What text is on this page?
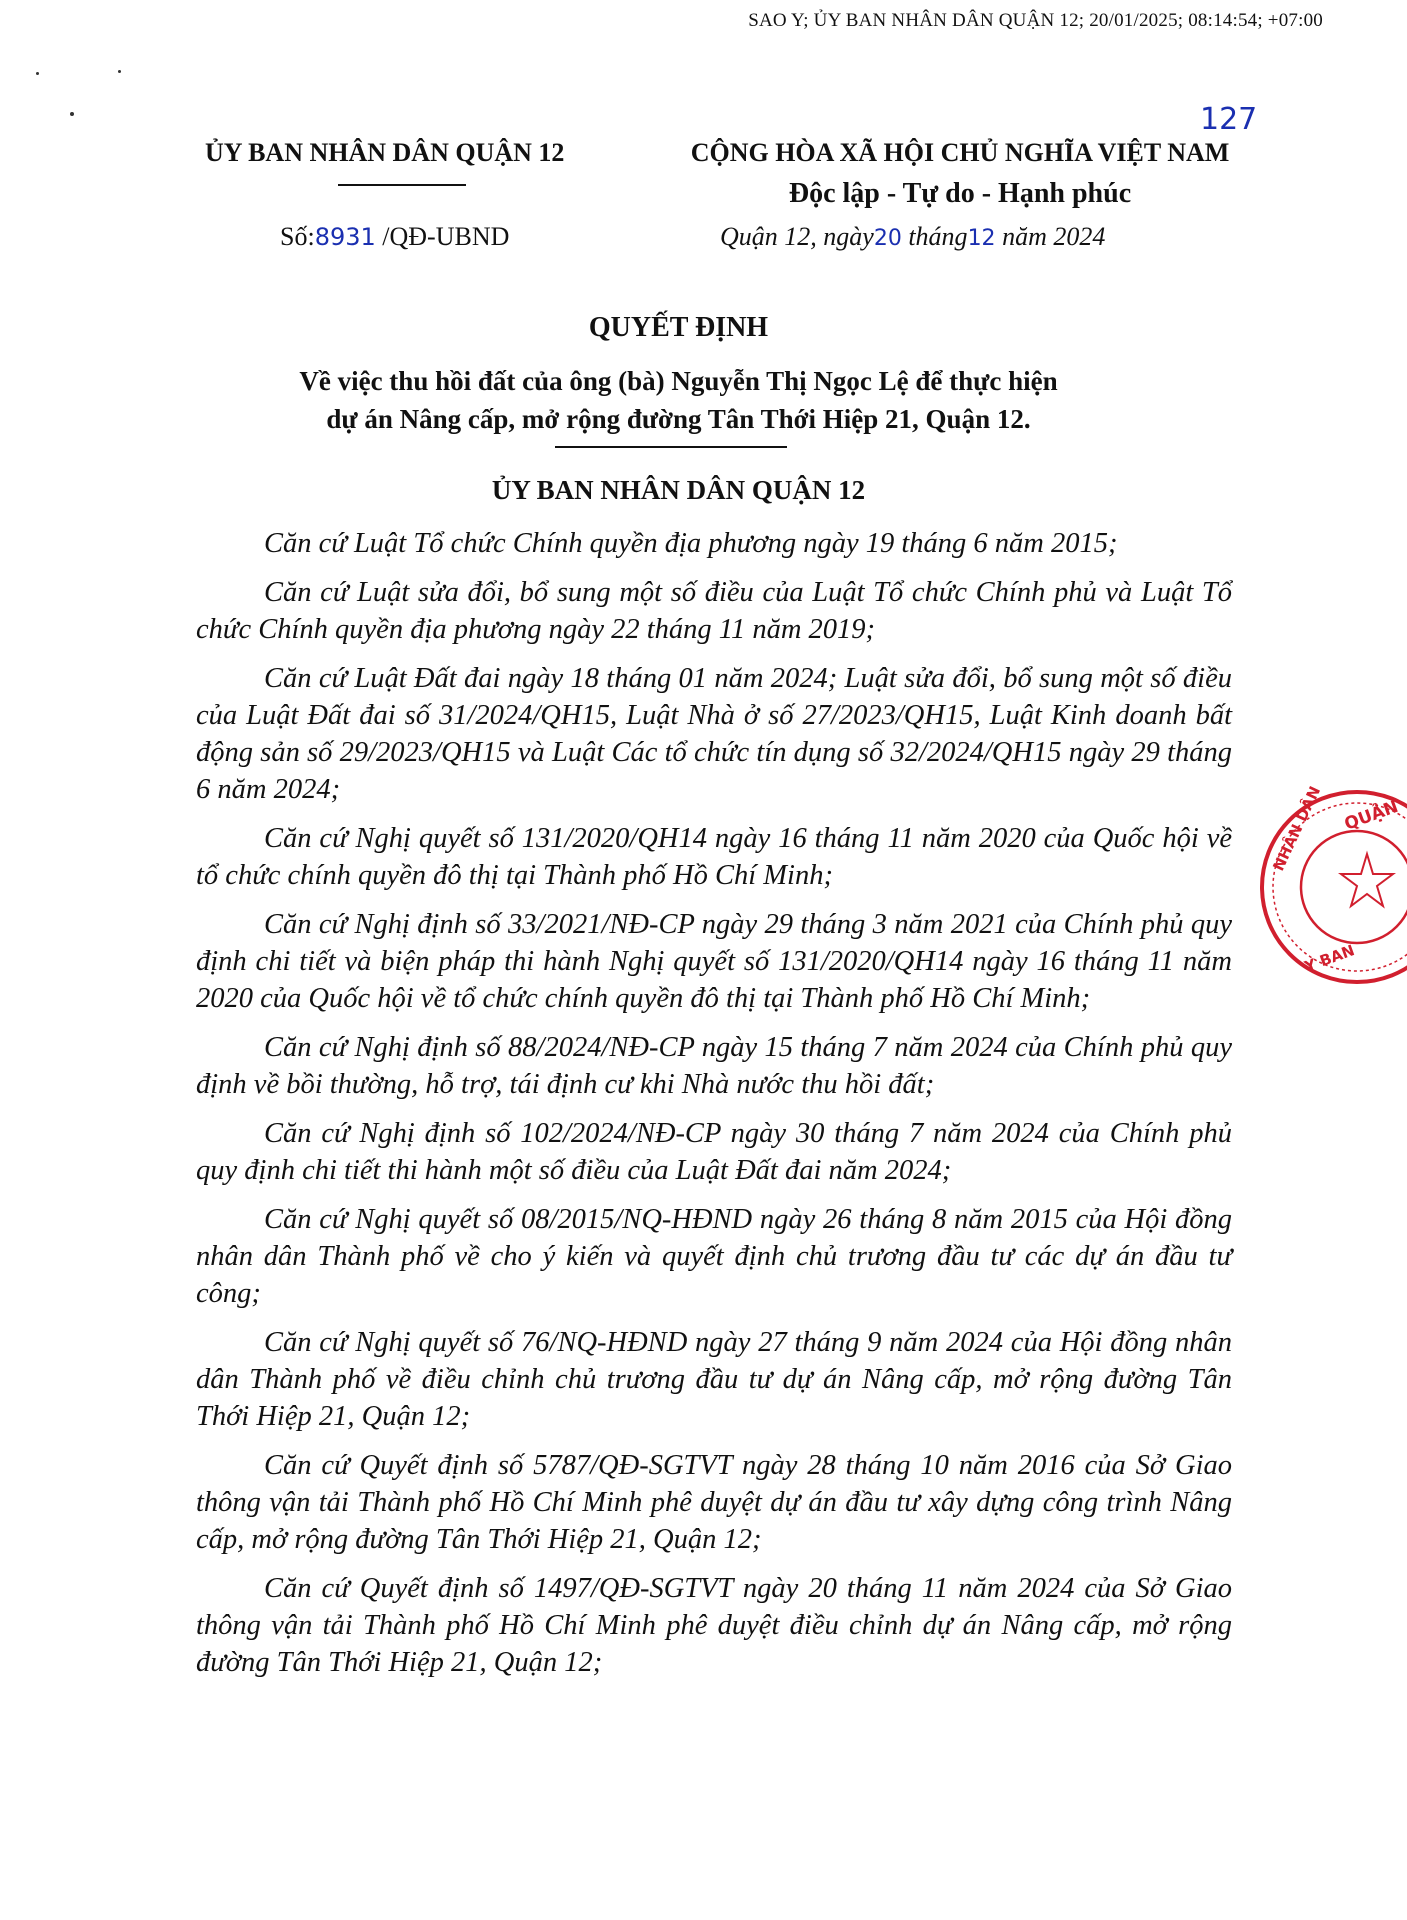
SAO Y; ỦY BAN NHÂN DÂN QUẬN 12; 20/01/2025; 08:14:54; +07:00
127
ỦY BAN NHÂN DÂN QUẬN 12	CỘNG HÒA XÃ HỘI CHỦ NGHĨA VIỆT NAM
Độc lập - Tự do - Hạnh phúc
Số:8931 /QĐ-UBND	Quận 12, ngày20 tháng12 năm 2024
QUYẾT ĐỊNH
Về việc thu hồi đất của ông (bà) Nguyễn Thị Ngọc Lệ để thực hiện
dự án Nâng cấp, mở rộng đường Tân Thới Hiệp 21, Quận 12.
ỦY BAN NHÂN DÂN QUẬN 12

Căn cứ Luật Tổ chức Chính quyền địa phương ngày 19 tháng 6 năm 2015;

Căn cứ Luật sửa đổi, bổ sung một số điều của Luật Tổ chức Chính phủ và Luật Tổ chức Chính quyền địa phương ngày 22 tháng 11 năm 2019;

Căn cứ Luật Đất đai ngày 18 tháng 01 năm 2024; Luật sửa đổi, bổ sung một số điều của Luật Đất đai số 31/2024/QH15, Luật Nhà ở số 27/2023/QH15, Luật Kinh doanh bất động sản số 29/2023/QH15 và Luật Các tổ chức tín dụng số 32/2024/QH15 ngày 29 tháng 6 năm 2024;

Căn cứ Nghị quyết số 131/2020/QH14 ngày 16 tháng 11 năm 2020 của Quốc hội về tổ chức chính quyền đô thị tại Thành phố Hồ Chí Minh;

Căn cứ Nghị định số 33/2021/NĐ-CP ngày 29 tháng 3 năm 2021 của Chính phủ quy định chi tiết và biện pháp thi hành Nghị quyết số 131/2020/QH14 ngày 16 tháng 11 năm 2020 của Quốc hội về tổ chức chính quyền đô thị tại Thành phố Hồ Chí Minh;

Căn cứ Nghị định số 88/2024/NĐ-CP ngày 15 tháng 7 năm 2024 của Chính phủ quy định về bồi thường, hỗ trợ, tái định cư khi Nhà nước thu hồi đất;

Căn cứ Nghị định số 102/2024/NĐ-CP ngày 30 tháng 7 năm 2024 của Chính phủ quy định chi tiết thi hành một số điều của Luật Đất đai năm 2024;

Căn cứ Nghị quyết số 08/2015/NQ-HĐND ngày 26 tháng 8 năm 2015 của Hội đồng nhân dân Thành phố về cho ý kiến và quyết định chủ trương đầu tư các dự án đầu tư công;

Căn cứ Nghị quyết số 76/NQ-HĐND ngày 27 tháng 9 năm 2024 của Hội đồng nhân dân Thành phố về điều chỉnh chủ trương đầu tư dự án Nâng cấp, mở rộng đường Tân Thới Hiệp 21, Quận 12;

Căn cứ Quyết định số 5787/QĐ-SGTVT ngày 28 tháng 10 năm 2016 của Sở Giao thông vận tải Thành phố Hồ Chí Minh phê duyệt dự án đầu tư xây dựng công trình Nâng cấp, mở rộng đường Tân Thới Hiệp 21, Quận 12;

Căn cứ Quyết định số 1497/QĐ-SGTVT ngày 20 tháng 11 năm 2024 của Sở Giao thông vận tải Thành phố Hồ Chí Minh phê duyệt điều chỉnh dự án Nâng cấp, mở rộng đường Tân Thới Hiệp 21, Quận 12;

QUẬN
NHÂN DÂN
Y BAN
